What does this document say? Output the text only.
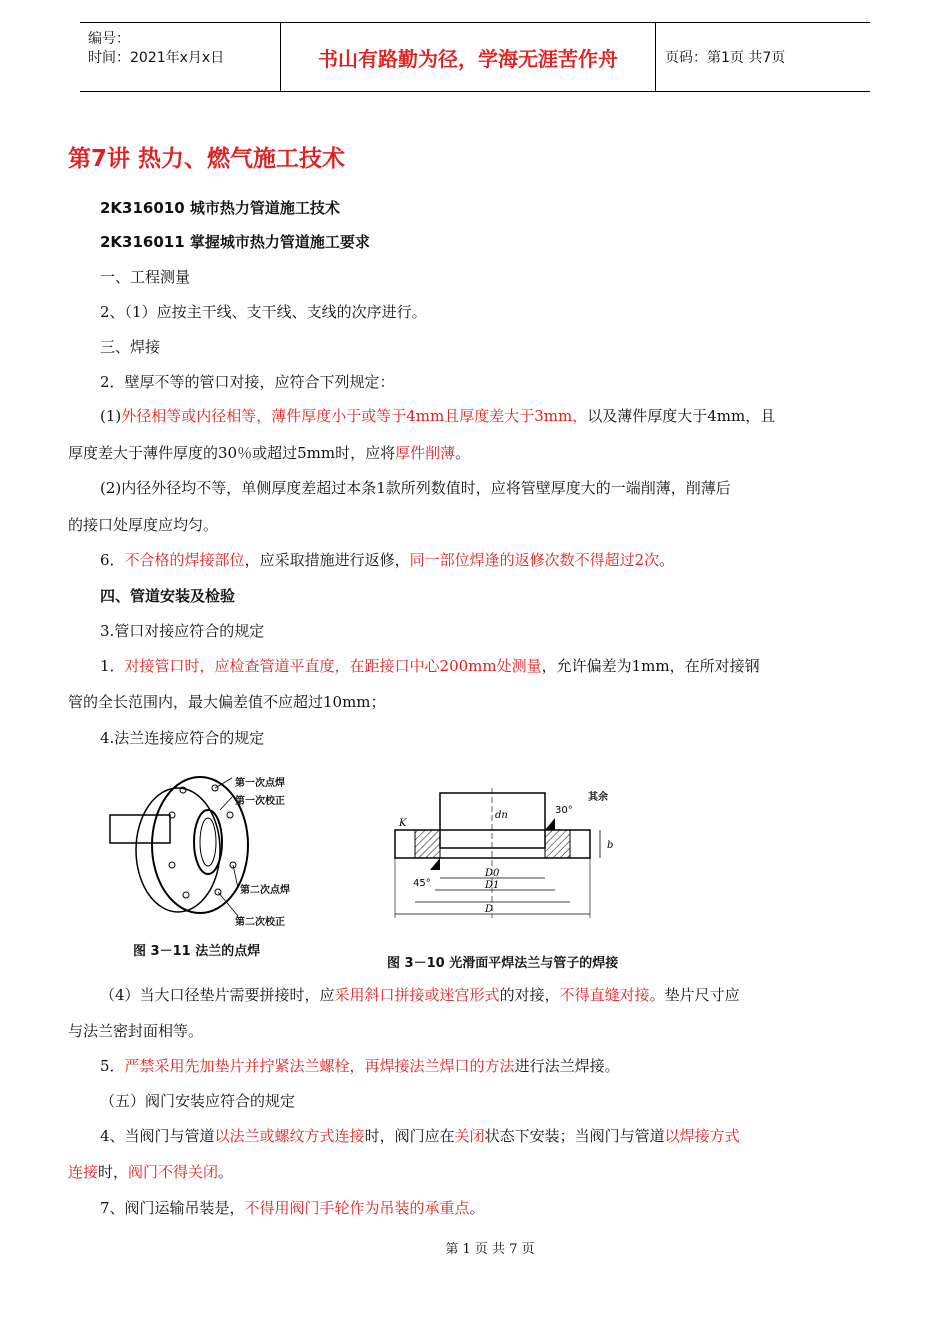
编号：
时间：2021年x月x日	书山有路勤为径，学海无涯苦作舟	页码：第1页 共7页
第7讲 热力、燃气施工技术
2K316010 城市热力管道施工技术
2K316011 掌握城市热力管道施工要求
一、工程测量
2、（1）应按主干线、支干线、支线的次序进行。
三、焊接
2．壁厚不等的管口对接，应符合下列规定：
(1)外径相等或内径相等，薄件厚度小于或等于4mm且厚度差大于3mm，以及薄件厚度大于4mm，且
厚度差大于薄件厚度的30％或超过5mm时，应将厚件削薄。
(2)内径外径均不等，单侧厚度差超过本条1款所列数值时，应将管壁厚度大的一端削薄，削薄后
的接口处厚度应均匀。
6．不合格的焊接部位，应采取措施进行返修，同一部位焊逢的返修次数不得超过2次。
四、管道安装及检验
3.管口对接应符合的规定
1．对接管口时，应检查管道平直度，在距接口中心200mm处测量，允许偏差为1mm，在所对接钢
管的全长范围内，最大偏差值不应超过10mm；
4.法兰连接应符合的规定
第一次点焊
第一次校正
第二次点焊
第二次校正
图 3－11 法兰的点焊
45°
30°
dn
D0
D1
D
b
K
其余
图 3－10 光滑面平焊法兰与管子的焊接
（4）当大口径垫片需要拼接时，应采用斜口拼接或迷宫形式的对接，不得直缝对接。垫片尺寸应
与法兰密封面相等。
5．严禁采用先加垫片并拧紧法兰螺栓，再焊接法兰焊口的方法进行法兰焊接。
（五）阀门安装应符合的规定
4、当阀门与管道以法兰或螺纹方式连接时，阀门应在关闭状态下安装；当阀门与管道以焊接方式
连接时，阀门不得关闭。
7、阀门运输吊装是，不得用阀门手轮作为吊装的承重点。
第 1 页 共 7 页
